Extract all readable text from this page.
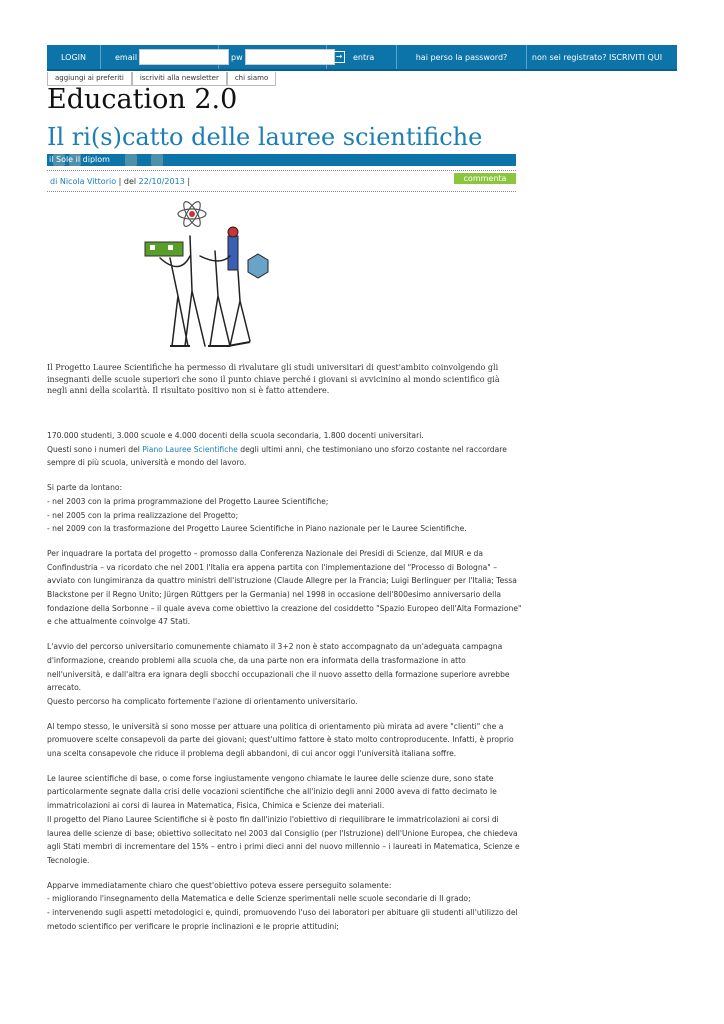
LOGIN	email	pw	→	entra	hai perso la password?	non sei registrato? ISCRIVITI QUI
aggiungi ai preferiti	iscriviti alla newsletter	chi siamo
Education 2.0
Il ri(s)catto delle lauree scientifiche
il Sole il diplom
di Nicola Vittorio | del 22/10/2013 |	commenta
Il Progetto Lauree Scientifiche ha permesso di rivalutare gli studi universitari di quest'ambito coinvolgendo gli insegnanti delle scuole superiori che sono il punto chiave perché i giovani si avvicinino al mondo scientifico già negli anni della scolarità. Il risultato positivo non si è fatto attendere.

170.000 studenti, 3.000 scuole e 4.000 docenti della scuola secondaria, 1.800 docenti universitari.
Questi sono i numeri del Piano Lauree Scientifiche degli ultimi anni, che testimoniano uno sforzo costante nel raccordare sempre di più scuola, università e mondo del lavoro.

Si parte da lontano:
- nel 2003 con la prima programmazione del Progetto Lauree Scientifiche;
- nel 2005 con la prima realizzazione del Progetto;
- nel 2009 con la trasformazione del Progetto Lauree Scientifiche in Piano nazionale per le Lauree Scientifiche.

Per inquadrare la portata del progetto – promosso dalla Conferenza Nazionale dei Presidi di Scienze, dal MIUR e da Confindustria – va ricordato che nel 2001 l'Italia era appena partita con l'implementazione del "Processo di Bologna" – avviato con lungimiranza da quattro ministri dell'istruzione (Claude Allegre per la Francia; Luigi Berlinguer per l'Italia; Tessa Blackstone per il Regno Unito; Jürgen Rüttgers per la Germania) nel 1998 in occasione dell'800esimo anniversario della fondazione della Sorbonne – il quale aveva come obiettivo la creazione del cosiddetto "Spazio Europeo dell'Alta Formazione" e che attualmente coinvolge 47 Stati.

L'avvio del percorso universitario comunemente chiamato il 3+2 non è stato accompagnato da un'adeguata campagna d'informazione, creando problemi alla scuola che, da una parte non era informata della trasformazione in atto nell'università, e dall'altra era ignara degli sbocchi occupazionali che il nuovo assetto della formazione superiore avrebbe arrecato.
Questo percorso ha complicato fortemente l'azione di orientamento universitario.

Al tempo stesso, le università si sono mosse per attuare una politica di orientamento più mirata ad avere "clienti" che a promuovere scelte consapevoli da parte dei giovani; quest'ultimo fattore è stato molto controproducente. Infatti, è proprio una scelta consapevole che riduce il problema degli abbandoni, di cui ancor oggi l'università italiana soffre.

Le lauree scientifiche di base, o come forse ingiustamente vengono chiamate le lauree delle scienze dure, sono state particolarmente segnate dalla crisi delle vocazioni scientifiche che all'inizio degli anni 2000 aveva di fatto decimato le immatricolazioni ai corsi di laurea in Matematica, Fisica, Chimica e Scienze dei materiali.
Il progetto del Piano Lauree Scientifiche si è posto fin dall'inizio l'obiettivo di riequilibrare le immatricolazioni ai corsi di laurea delle scienze di base; obiettivo sollecitato nel 2003 dal Consiglio (per l'Istruzione) dell'Unione Europea, che chiedeva agli Stati membri di incrementare del 15% – entro i primi dieci anni del nuovo millennio – i laureati in Matematica, Scienze e Tecnologie.

Apparve immediatamente chiaro che quest'obiettivo poteva essere perseguito solamente:
- migliorando l'insegnamento della Matematica e delle Scienze sperimentali nelle scuole secondarie di II grado;
- intervenendo sugli aspetti metodologici e, quindi, promuovendo l'uso dei laboratori per abituare gli studenti all'utilizzo del metodo scientifico per verificare le proprie inclinazioni e le proprie attitudini;
